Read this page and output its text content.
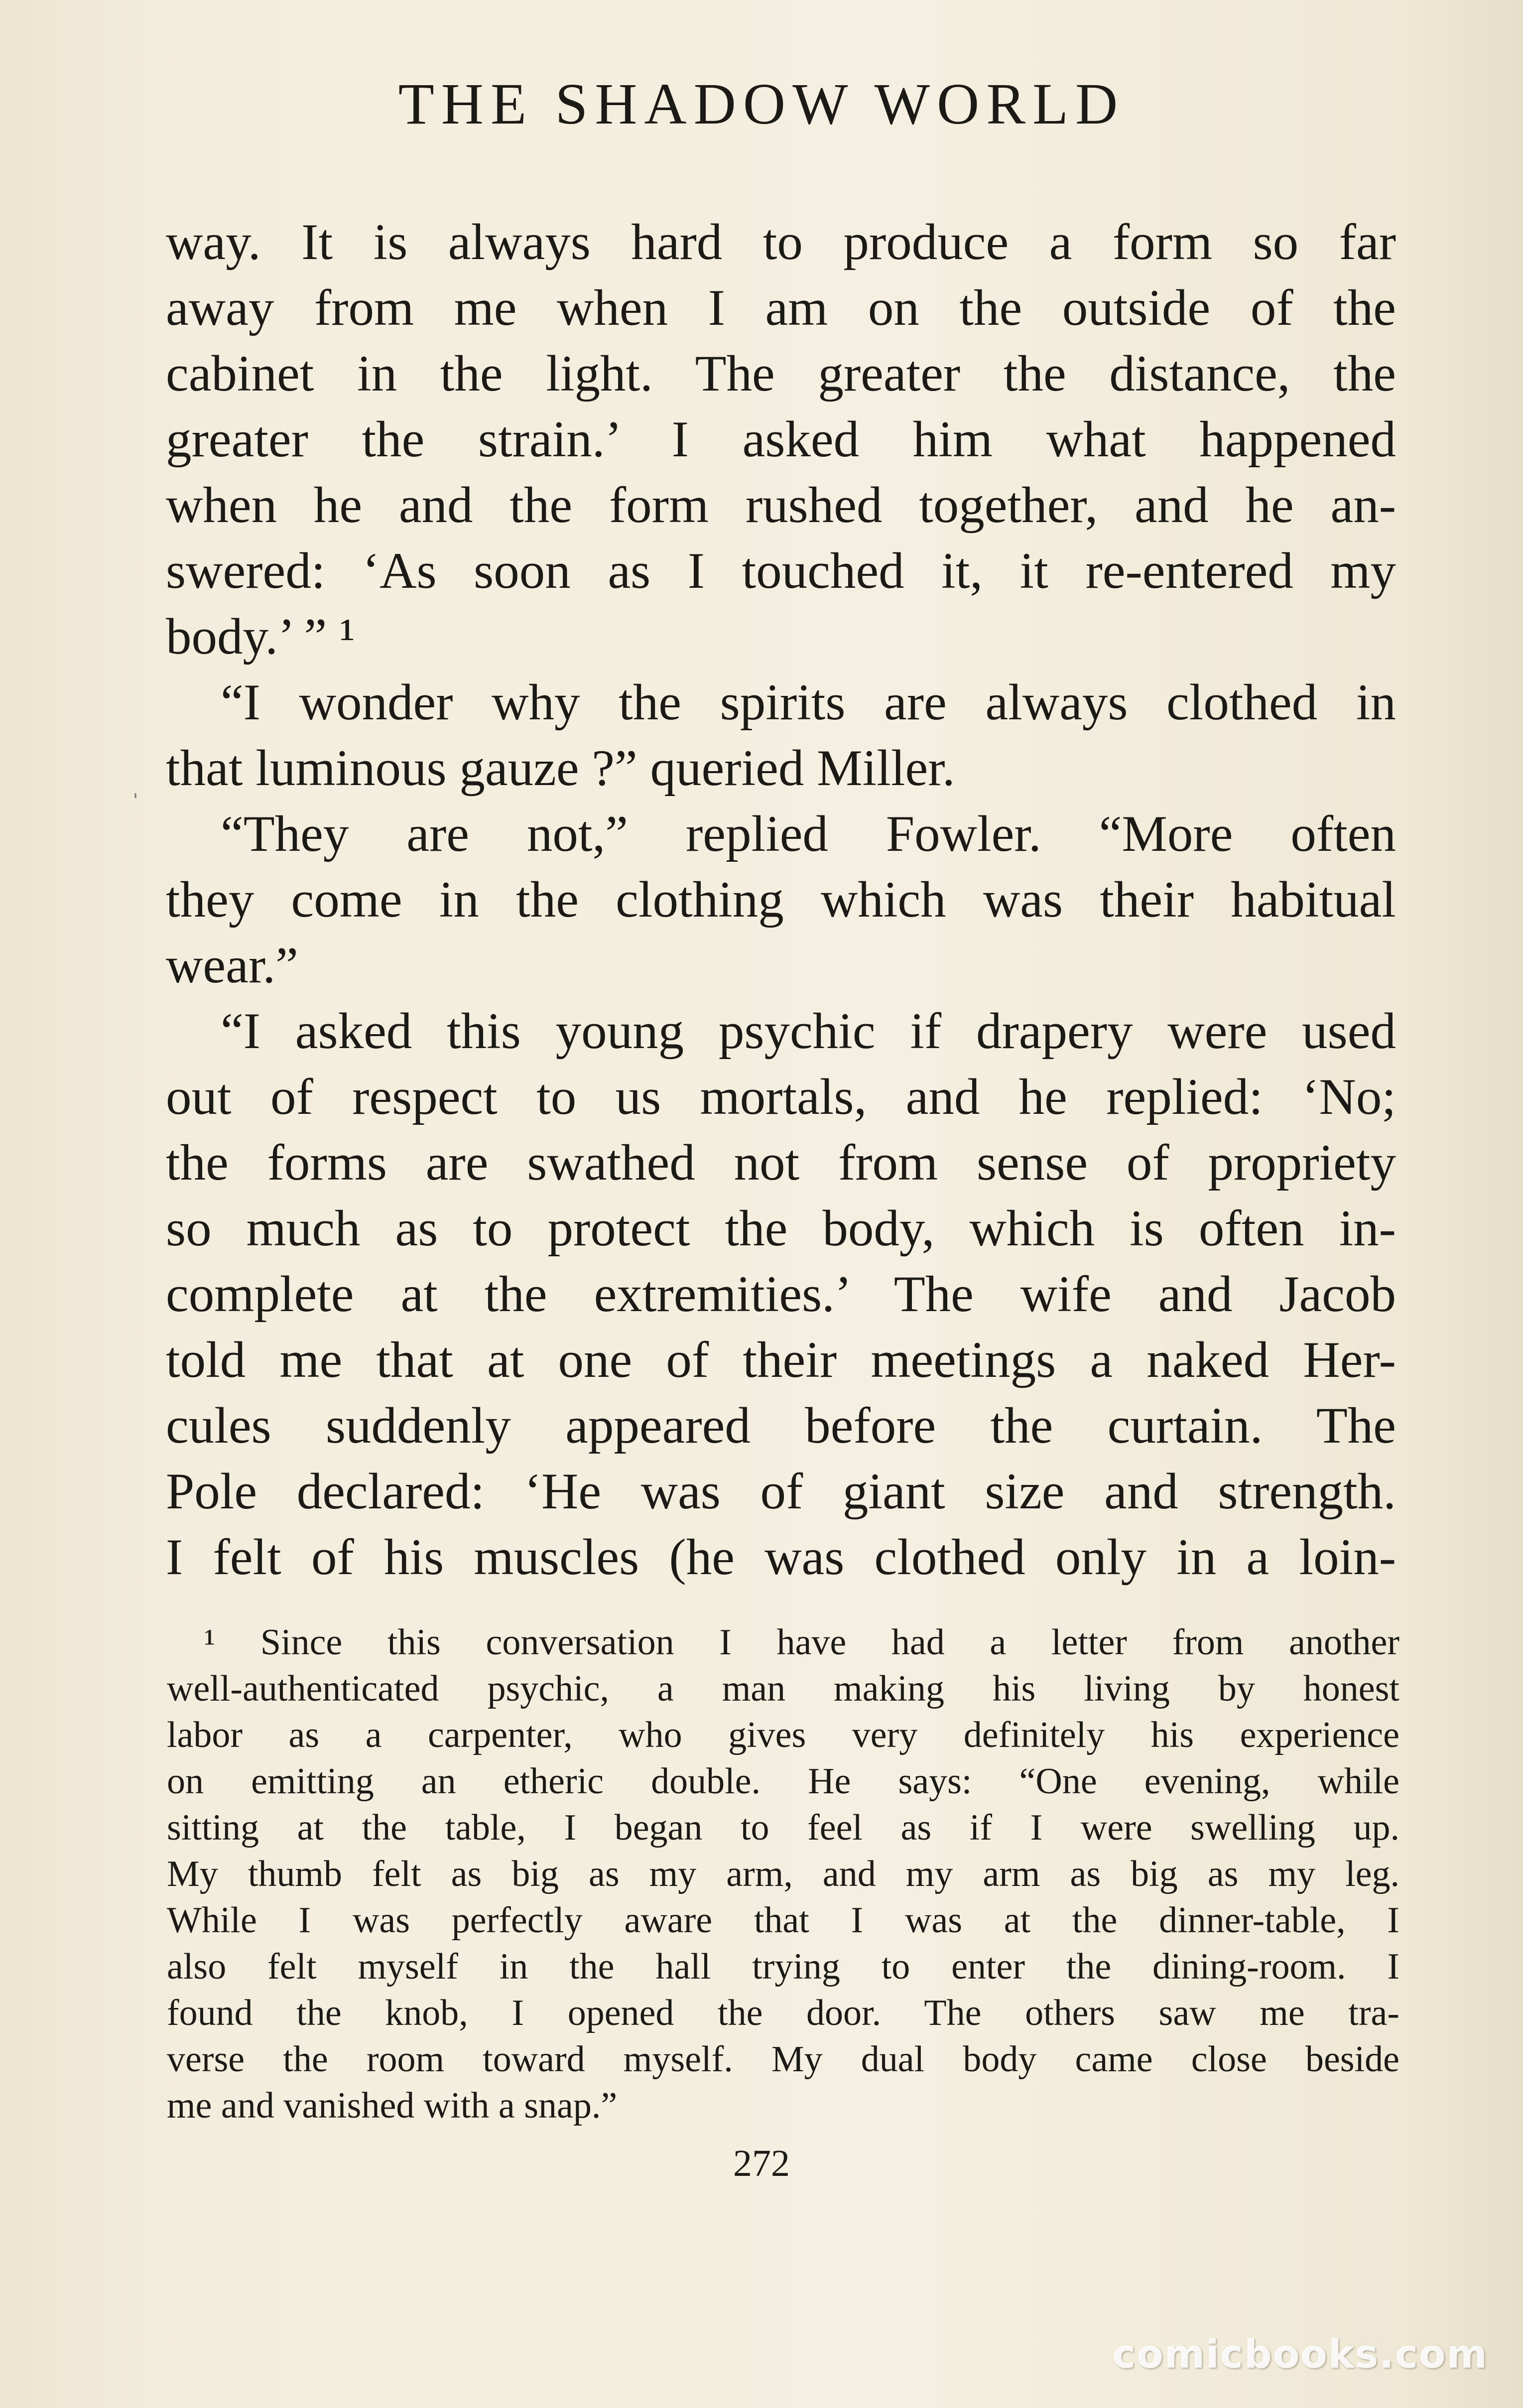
THE SHADOW WORLD
way. It is always hard to produce a form so far
away from me when I am on the outside of the
cabinet in the light. The greater the distance, the
greater the strain.’ I asked him what happened
when he and the form rushed together, and he an-
swered: ‘As soon as I touched it, it re-entered my
body.’ ” ¹
“I wonder why the spirits are always clothed in
that luminous gauze ?” queried Miller.
“They are not,” replied Fowler. “More often
they come in the clothing which was their habitual
wear.”
“I asked this young psychic if drapery were used
out of respect to us mortals, and he replied: ‘No;
the forms are swathed not from sense of propriety
so much as to protect the body, which is often in-
complete at the extremities.’ The wife and Jacob
told me that at one of their meetings a naked Her-
cules suddenly appeared before the curtain. The
Pole declared: ‘He was of giant size and strength.
I felt of his muscles (he was clothed only in a loin-
¹ Since this conversation I have had a letter from another
well-authenticated psychic, a man making his living by honest
labor as a carpenter, who gives very definitely his experience
on emitting an etheric double. He says: “One evening, while
sitting at the table, I began to feel as if I were swelling up.
My thumb felt as big as my arm, and my arm as big as my leg.
While I was perfectly aware that I was at the dinner-table, I
also felt myself in the hall trying to enter the dining-room. I
found the knob, I opened the door. The others saw me tra-
verse the room toward myself. My dual body came close beside
me and vanished with a snap.”
272
ˌ
comicbooks.com
